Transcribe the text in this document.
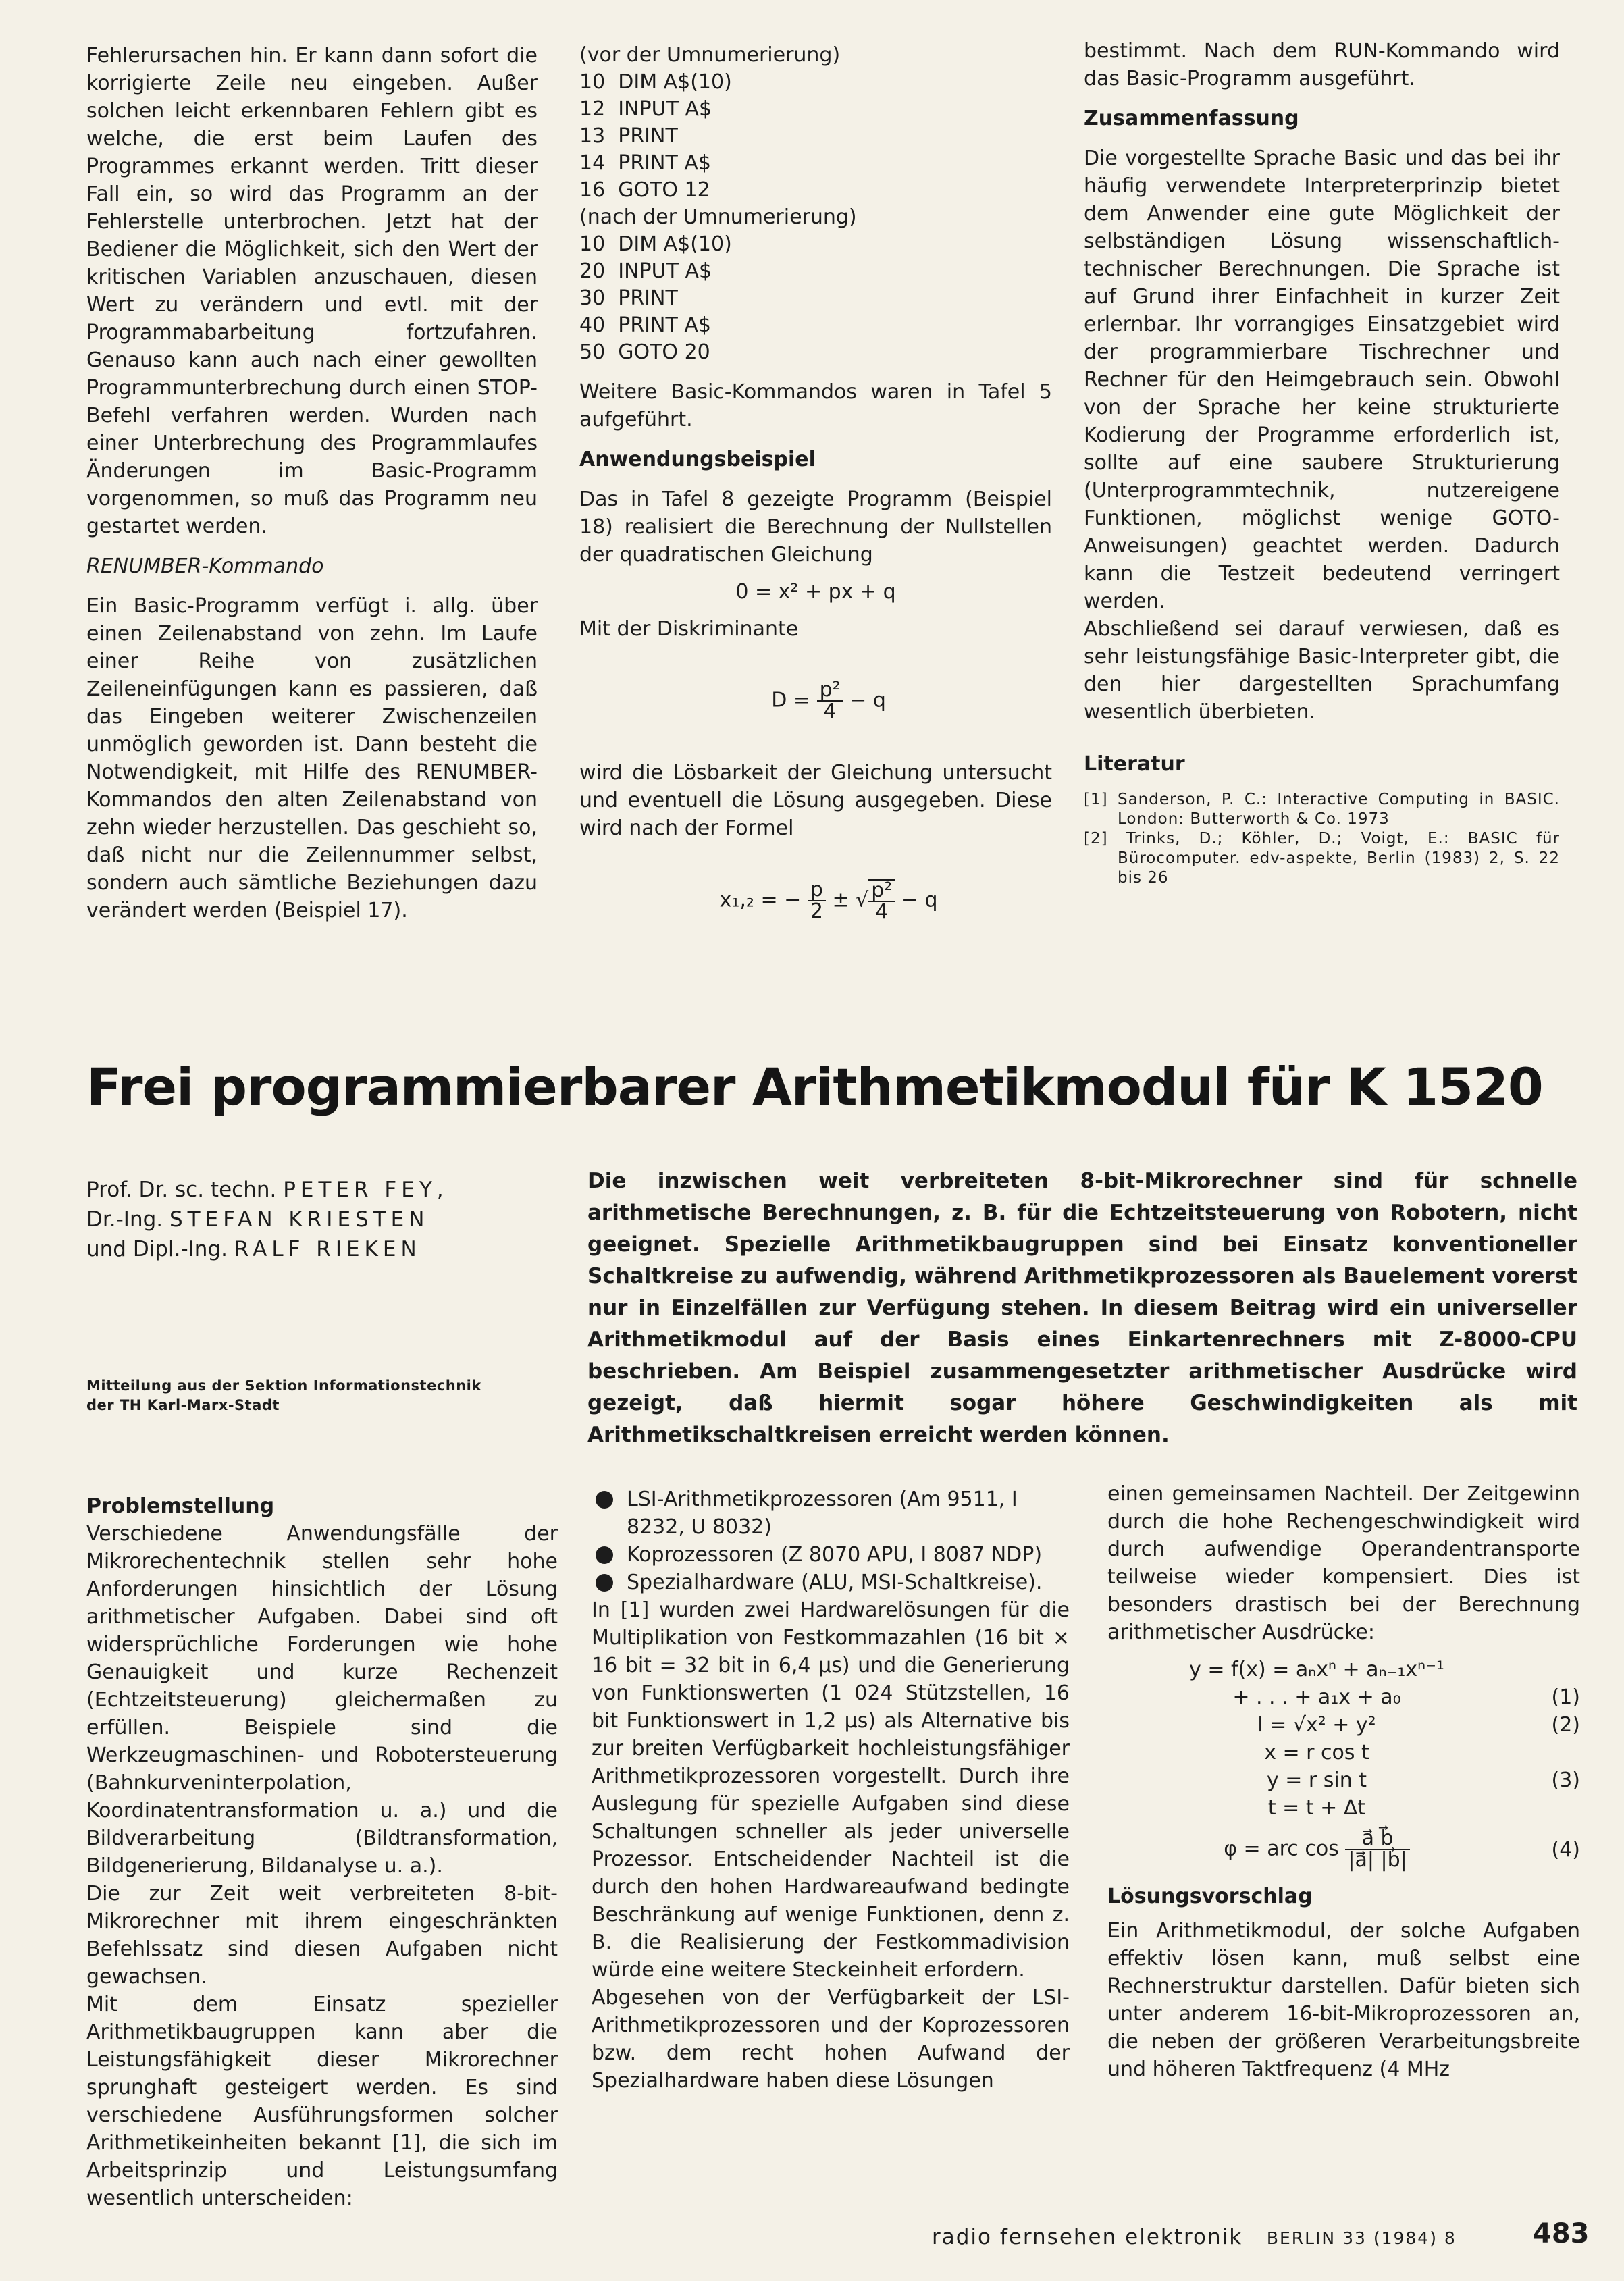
Fehlerursachen hin. Er kann dann sofort die korrigierte Zeile neu eingeben. Außer solchen leicht erkennbaren Fehlern gibt es welche, die erst beim Laufen des Programmes erkannt werden. Tritt dieser Fall ein, so wird das Programm an der Fehlerstelle unterbrochen. Jetzt hat der Bediener die Möglichkeit, sich den Wert der kritischen Variablen anzuschauen, diesen Wert zu verändern und evtl. mit der Programmabarbeitung fortzufahren. Genauso kann auch nach einer gewollten Programmunterbrechung durch einen STOP-Befehl verfahren werden. Wurden nach einer Unterbrechung des Programmlaufes Änderungen im Basic-Programm vorgenommen, so muß das Programm neu gestartet werden.

RENUMBER-Kommando

Ein Basic-Programm verfügt i. allg. über einen Zeilenabstand von zehn. Im Laufe einer Reihe von zusätzlichen Zeileneinfügungen kann es passieren, daß das Eingeben weiterer Zwischenzeilen unmöglich geworden ist. Dann besteht die Notwendigkeit, mit Hilfe des RENUMBER-Kommandos den alten Zeilenabstand von zehn wieder herzustellen. Das geschieht so, daß nicht nur die Zeilennummer selbst, sondern auch sämtliche Beziehungen dazu verändert werden (Beispiel 17).

(vor der Umnumerierung)

10  DIM A$(10)

12  INPUT A$

13  PRINT

14  PRINT A$

16  GOTO 12

(nach der Umnumerierung)

10  DIM A$(10)

20  INPUT A$

30  PRINT

40  PRINT A$

50  GOTO 20

Weitere Basic-Kommandos waren in Tafel 5 aufgeführt.

Anwendungsbeispiel

Das in Tafel 8 gezeigte Programm (Beispiel 18) realisiert die Berechnung der Nullstellen der quadratischen Gleichung

0 = x² + px + q

Mit der Diskriminante

$D = \frac{\text{p²}}{4} - q$

wird die Lösbarkeit der Gleichung untersucht und eventuell die Lösung ausgegeben. Diese wird nach der Formel

x₁,₂ = − $\frac{p}{2}$ ± √ $\frac{\text{p²}}{4} - q$

bestimmt. Nach dem RUN-Kommando wird das Basic-Programm ausgeführt.

Zusammenfassung

Die vorgestellte Sprache Basic und das bei ihr häufig verwendete Interpreterprinzip bietet dem Anwender eine gute Möglichkeit der selbständigen Lösung wissenschaftlich-technischer Berechnungen. Die Sprache ist auf Grund ihrer Einfachheit in kurzer Zeit erlernbar. Ihr vorrangiges Einsatzgebiet wird der programmierbare Tischrechner und Rechner für den Heimgebrauch sein. Obwohl von der Sprache her keine strukturierte Kodierung der Programme erforderlich ist, sollte auf eine saubere Strukturierung (Unterprogrammtechnik, nutzereigene Funktionen, möglichst wenige GOTO-Anweisungen) geachtet werden. Dadurch kann die Testzeit bedeutend verringert werden.

Abschließend sei darauf verwiesen, daß es sehr leistungsfähige Basic-Interpreter gibt, die den hier dargestellten Sprachumfang wesentlich überbieten.

Literatur

[1] Sanderson, P. C.: Interactive Computing in BASIC. London: Butterworth & Co. 1973

[2] Trinks, D.; Köhler, D.; Voigt, E.: BASIC für Bürocomputer. edv-aspekte, Berlin (1983) 2, S. 22 bis 26

Frei programmierbarer Arithmetikmodul für K 1520
Prof. Dr. sc. techn. PETER FEY,
Dr.-Ing. STEFAN KRIESTEN
und Dipl.-Ing. RALF RIEKEN

Die inzwischen weit verbreiteten 8-bit-Mikrorechner sind für schnelle arithmetische Berechnungen, z. B. für die Echtzeitsteuerung von Robotern, nicht geeignet. Spezielle Arithmetikbaugruppen sind bei Einsatz konventioneller Schaltkreise zu aufwendig, während Arithmetikprozessoren als Bauelement vorerst nur in Einzelfällen zur Verfügung stehen. In diesem Beitrag wird ein universeller Arithmetikmodul auf der Basis eines Einkartenrechners mit Z-8000-CPU beschrieben. Am Beispiel zusammengesetzter arithmetischer Ausdrücke wird gezeigt, daß hiermit sogar höhere Geschwindigkeiten als mit Arithmetikschaltkreisen erreicht werden können.

Mitteilung aus der Sektion Informationstechnik
der TH Karl-Marx-Stadt

Problemstellung

Verschiedene Anwendungsfälle der Mikrorechentechnik stellen sehr hohe Anforderungen hinsichtlich der Lösung arithmetischer Aufgaben. Dabei sind oft widersprüchliche Forderungen wie hohe Genauigkeit und kurze Rechenzeit (Echtzeitsteuerung) gleichermaßen zu erfüllen. Beispiele sind die Werkzeugmaschinen- und Robotersteuerung (Bahnkurveninterpolation, Koordinatentransformation u. a.) und die Bildverarbeitung (Bildtransformation, Bildgenerierung, Bildanalyse u. a.).

Die zur Zeit weit verbreiteten 8-bit-Mikrorechner mit ihrem eingeschränkten Befehlssatz sind diesen Aufgaben nicht gewachsen.

Mit dem Einsatz spezieller Arithmetikbaugruppen kann aber die Leistungsfähigkeit dieser Mikrorechner sprunghaft gesteigert werden. Es sind verschiedene Ausführungsformen solcher Arithmetikeinheiten bekannt [1], die sich im Arbeitsprinzip und Leistungsumfang wesentlich unterscheiden:

LSI-Arithmetikprozessoren (Am 9511, I 8232, U 8032)
Koprozessoren (Z 8070 APU, I 8087 NDP)
Spezialhardware (ALU, MSI-Schaltkreise).

In [1] wurden zwei Hardwarelösungen für die Multiplikation von Festkommazahlen (16 bit × 16 bit = 32 bit in 6,4 µs) und die Generierung von Funktionswerten (1 024 Stützstellen, 16 bit Funktionswert in 1,2 µs) als Alternative bis zur breiten Verfügbarkeit hochleistungsfähiger Arithmetikprozessoren vorgestellt. Durch ihre Auslegung für spezielle Aufgaben sind diese Schaltungen schneller als jeder universelle Prozessor. Entscheidender Nachteil ist die durch den hohen Hardwareaufwand bedingte Beschränkung auf wenige Funktionen, denn z. B. die Realisierung der Festkommadivision würde eine weitere Steckeinheit erfordern.

Abgesehen von der Verfügbarkeit der LSI-Arithmetikprozessoren und der Koprozessoren bzw. dem recht hohen Aufwand der Spezialhardware haben diese Lösungen

einen gemeinsamen Nachteil. Der Zeitgewinn durch die hohe Rechengeschwindigkeit wird durch aufwendige Operandentransporte teilweise wieder kompensiert. Dies ist besonders drastisch bei der Berechnung arithmetischer Ausdrücke:

y = f(x) = aₙxⁿ + aₙ₋₁xⁿ⁻¹
+ . . . + a₁x + a₀	(1)
l = √x² + y²	(2)
x = r cos t
y = r sin t	(3)
t = t + Δt
φ = arc $\cos \frac{a⃗ b⃗}{|a⃗| |b⃗|}$	(4)

Lösungsvorschlag

Ein Arithmetikmodul, der solche Aufgaben effektiv lösen kann, muß selbst eine Rechnerstruktur darstellen. Dafür bieten sich unter anderem 16-bit-Mikroprozessoren an, die neben der größeren Verarbeitungsbreite und höheren Taktfrequenz (4 MHz

radio fernsehen elektronik BERLIN 33 (1984) 8	483
